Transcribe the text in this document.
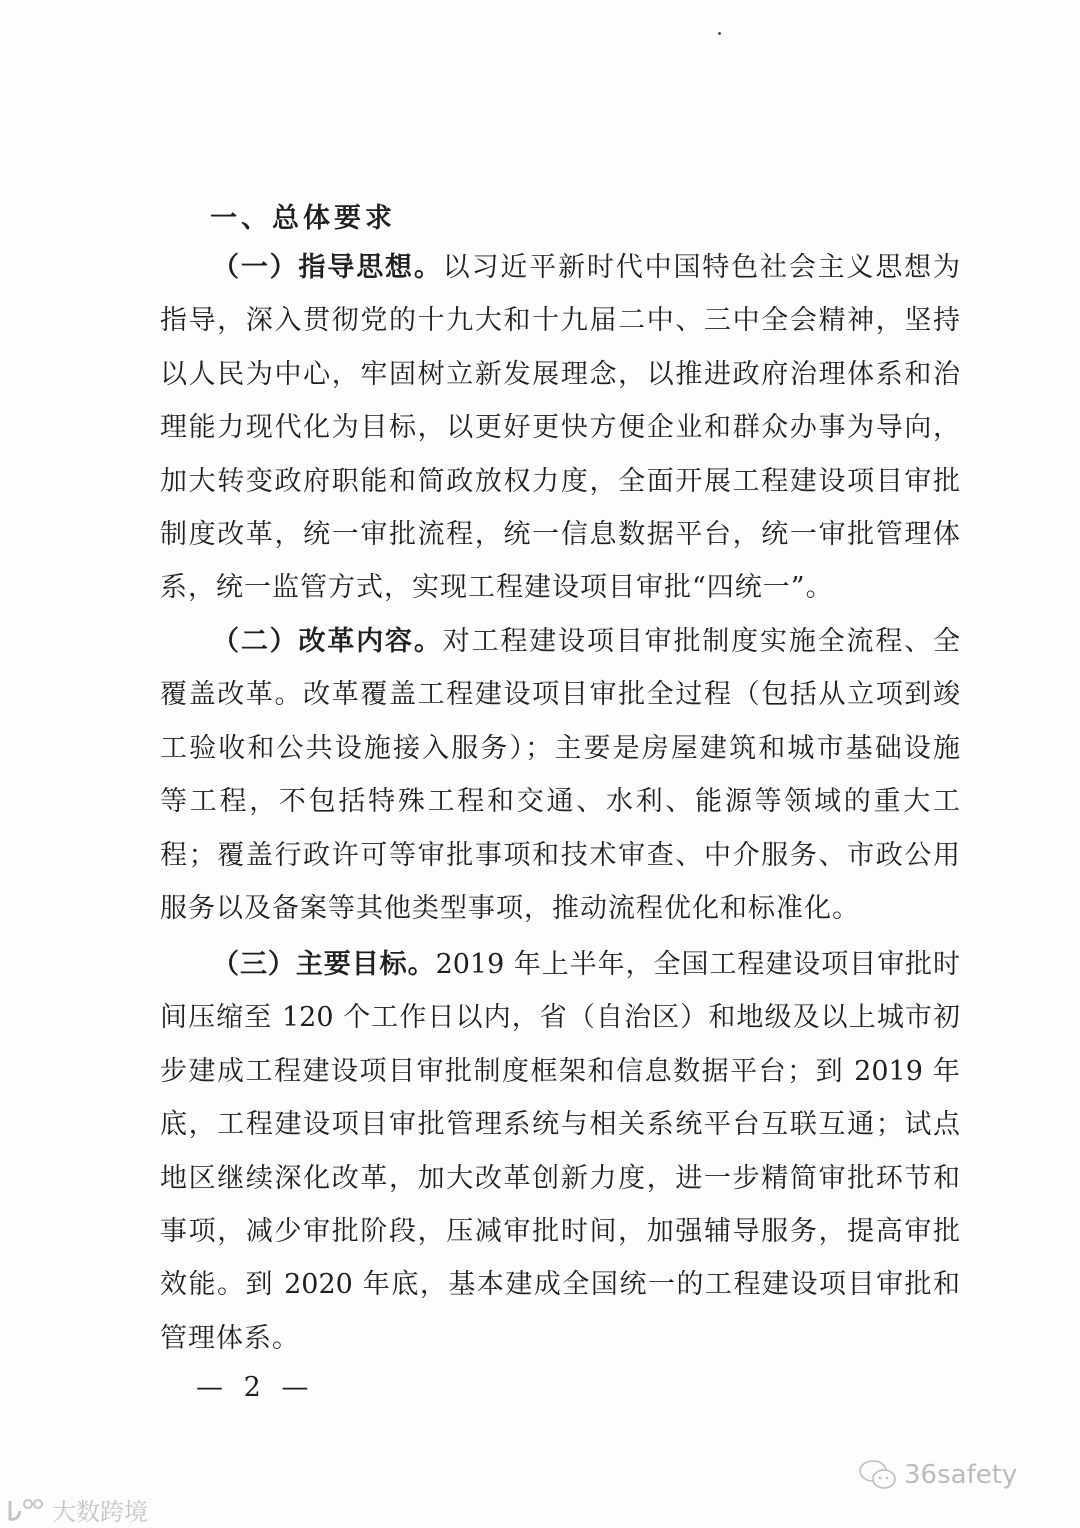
一、总体要求
（一）指导思想。以习近平新时代中国特色社会主义思想为
指导，深入贯彻党的十九大和十九届二中、三中全会精神，坚持
以人民为中心，牢固树立新发展理念，以推进政府治理体系和治
理能力现代化为目标，以更好更快方便企业和群众办事为导向，
加大转变政府职能和简政放权力度，全面开展工程建设项目审批
制度改革，统一审批流程，统一信息数据平台，统一审批管理体
系，统一监管方式，实现工程建设项目审批“四统一”。
（二）改革内容。对工程建设项目审批制度实施全流程、全
覆盖改革。改革覆盖工程建设项目审批全过程（包括从立项到竣
工验收和公共设施接入服务）；主要是房屋建筑和城市基础设施
等工程，不包括特殊工程和交通、水利、能源等领域的重大工
程；覆盖行政许可等审批事项和技术审查、中介服务、市政公用
服务以及备案等其他类型事项，推动流程优化和标准化。
（三）主要目标。2019 年上半年，全国工程建设项目审批时
间压缩至 120 个工作日以内，省（自治区）和地级及以上城市初
步建成工程建设项目审批制度框架和信息数据平台；到 2019 年
底，工程建设项目审批管理系统与相关系统平台互联互通；试点
地区继续深化改革，加大改革创新力度，进一步精简审批环节和
事项，减少审批阶段，压减审批时间，加强辅导服务，提高审批
效能。到 2020 年底，基本建成全国统一的工程建设项目审批和
管理体系。
— 2 —
36safety
大数跨境
